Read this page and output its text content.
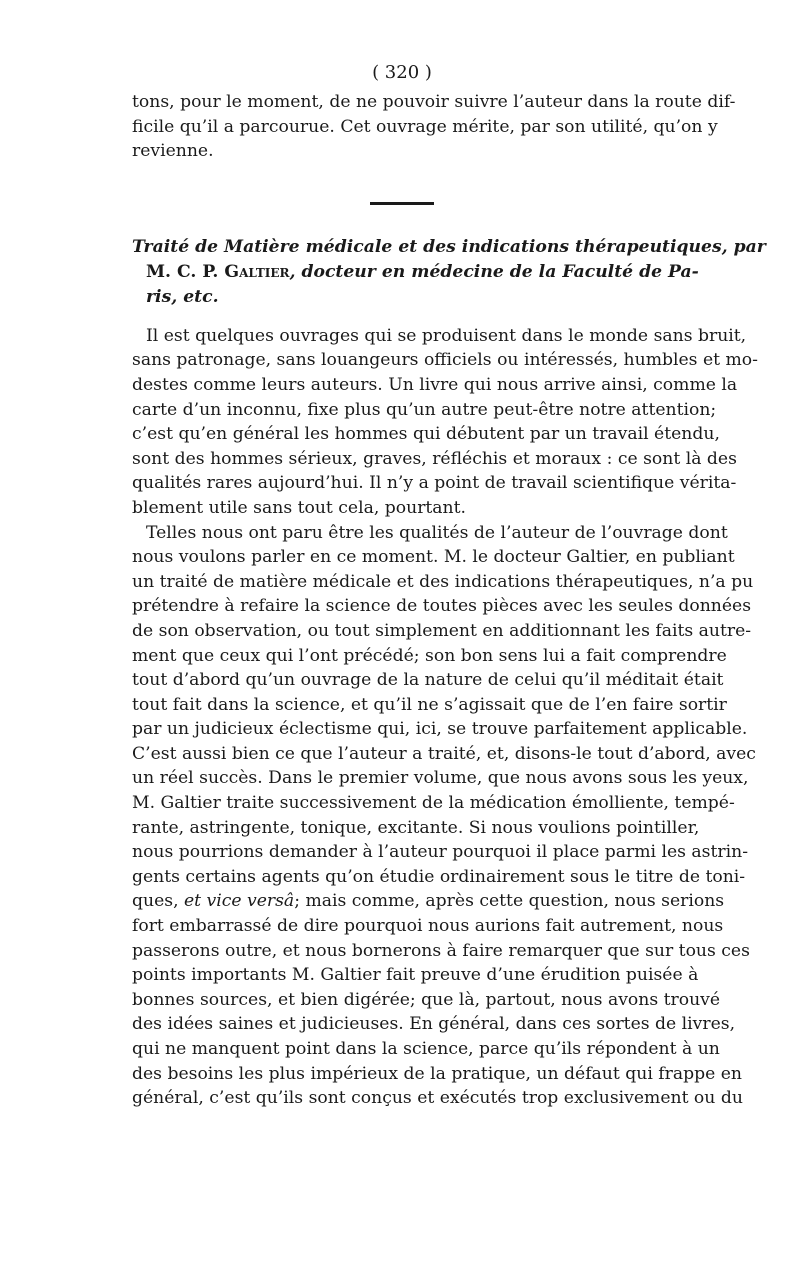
( 320 )
tons, pour le moment, de ne pouvoir suivre l’auteur dans la route dif-
ficile qu’il a parcourue. Cet ouvrage mérite, par son utilité, qu’on y
revienne.
Traité de Matière médicale et des indications thérapeutiques, par
M. C. P. Galtier, docteur en médecine de la Faculté de Pa-
ris, etc.
Il est quelques ouvrages qui se produisent dans le monde sans bruit,
sans patronage, sans louangeurs officiels ou intéressés, humbles et mo-
destes comme leurs auteurs. Un livre qui nous arrive ainsi, comme la
carte d’un inconnu, fixe plus qu’un autre peut-être notre attention;
c’est qu’en général les hommes qui débutent par un travail étendu,
sont des hommes sérieux, graves, réfléchis et moraux : ce sont là des
qualités rares aujourd’hui. Il n’y a point de travail scientifique vérita-
blement utile sans tout cela, pourtant.
Telles nous ont paru être les qualités de l’auteur de l’ouvrage dont
nous voulons parler en ce moment. M. le docteur Galtier, en publiant
un traité de matière médicale et des indications thérapeutiques, n’a pu
prétendre à refaire la science de toutes pièces avec les seules données
de son observation, ou tout simplement en additionnant les faits autre-
ment que ceux qui l’ont précédé; son bon sens lui a fait comprendre
tout d’abord qu’un ouvrage de la nature de celui qu’il méditait était
tout fait dans la science, et qu’il ne s’agissait que de l’en faire sortir
par un judicieux éclectisme qui, ici, se trouve parfaitement applicable.
C’est aussi bien ce que l’auteur a traité, et, disons-le tout d’abord, avec
un réel succès. Dans le premier volume, que nous avons sous les yeux,
M. Galtier traite successivement de la médication émolliente, tempé-
rante, astringente, tonique, excitante. Si nous voulions pointiller,
nous pourrions demander à l’auteur pourquoi il place parmi les astrin-
gents certains agents qu’on étudie ordinairement sous le titre de toni-
ques, et vice versâ; mais comme, après cette question, nous serions
fort embarrassé de dire pourquoi nous aurions fait autrement, nous
passerons outre, et nous bornerons à faire remarquer que sur tous ces
points importants M. Galtier fait preuve d’une érudition puisée à
bonnes sources, et bien digérée; que là, partout, nous avons trouvé
des idées saines et judicieuses. En général, dans ces sortes de livres,
qui ne manquent point dans la science, parce qu’ils répondent à un
des besoins les plus impérieux de la pratique, un défaut qui frappe en
général, c’est qu’ils sont conçus et exécutés trop exclusivement ou du
